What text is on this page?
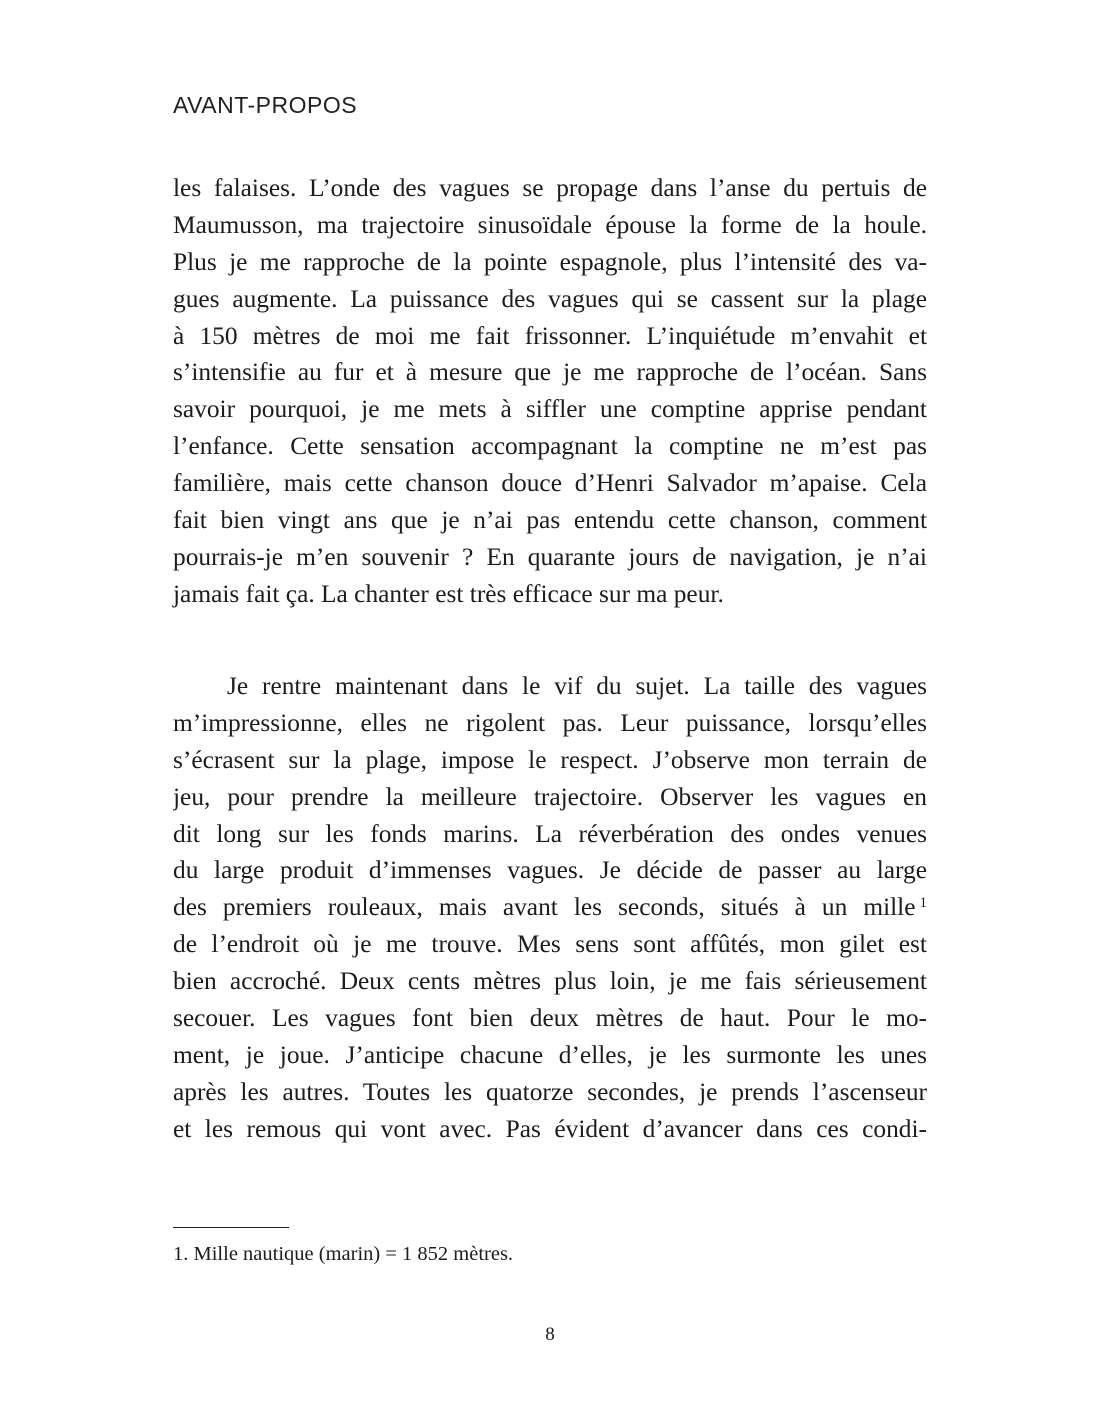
AVANT-PROPOS
les falaises. L’onde des vagues se propage dans l’anse du pertuis de
Maumusson, ma trajectoire sinusoïdale épouse la forme de la houle.
Plus je me rapproche de la pointe espagnole, plus l’intensité des va-
gues augmente. La puissance des vagues qui se cassent sur la plage
à 150 mètres de moi me fait frissonner. L’inquiétude m’envahit et
s’intensifie au fur et à mesure que je me rapproche de l’océan. Sans
savoir pourquoi, je me mets à siffler une comptine apprise pendant
l’enfance. Cette sensation accompagnant la comptine ne m’est pas
familière, mais cette chanson douce d’Henri Salvador m’apaise. Cela
fait bien vingt ans que je n’ai pas entendu cette chanson, comment
pourrais-je m’en souvenir ? En quarante jours de navigation, je n’ai
jamais fait ça. La chanter est très efficace sur ma peur.
Je rentre maintenant dans le vif du sujet. La taille des vagues
m’impressionne, elles ne rigolent pas. Leur puissance, lorsqu’elles
s’écrasent sur la plage, impose le respect. J’observe mon terrain de
jeu, pour prendre la meilleure trajectoire. Observer les vagues en
dit long sur les fonds marins. La réverbération des ondes venues
du large produit d’immenses vagues. Je décide de passer au large
des premiers rouleaux, mais avant les seconds, situés à un mille 1
de l’endroit où je me trouve. Mes sens sont affûtés, mon gilet est
bien accroché. Deux cents mètres plus loin, je me fais sérieusement
secouer. Les vagues font bien deux mètres de haut. Pour le mo-
ment, je joue. J’anticipe chacune d’elles, je les surmonte les unes
après les autres. Toutes les quatorze secondes, je prends l’ascenseur
et les remous qui vont avec. Pas évident d’avancer dans ces condi-
1. Mille nautique (marin) = 1 852 mètres.
8
